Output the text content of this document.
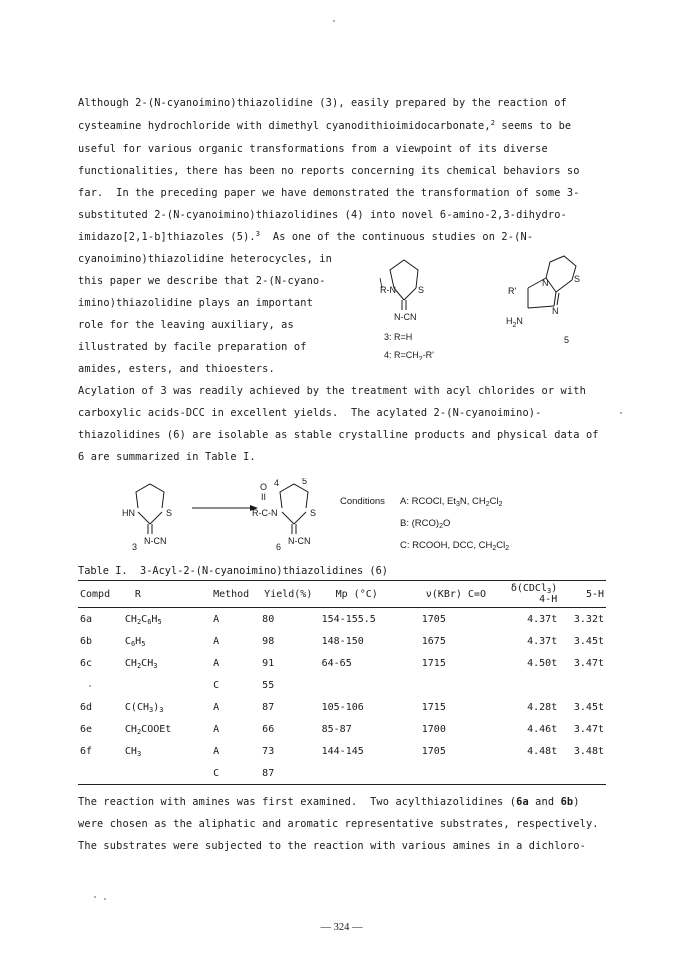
Although 2-(N-cyanoimino)thiazolidine (3), easily prepared by the reaction of
cysteamine hydrochloride with dimethyl cyanodithioimidocarbonate,$^2$ seems to be
useful for various organic transformations from a viewpoint of its diverse
functionalities, there has been no reports concerning its chemical behaviors so
far.  In the preceding paper we have demonstrated the transformation of some 3-
substituted 2-(N-cyanoimino)thiazolidines (4) into novel 6-amino-2,3-dihydro-
imidazo[2,1-b]thiazoles (5).$^3$  As one of the continuous studies on 2-(N-
cyanoimino)thiazolidine heterocycles, in
this paper we describe that 2-(N-cyano-
imino)thiazolidine plays an important
role for the leaving auxiliary, as
illustrated by facile preparation of
amides, esters, and thioesters.
R-N S
N-CN
3: R=H
4: $R=CH_2-R'$
R'
N	S
N
$H_2N$
5
Acylation of 3 was readily achieved by the treatment with acyl chlorides or with
carboxylic acids-DCC in excellent yields.  The acylated 2-(N-cyanoimino)-
thiazolidines (6) are isolable as stable crystalline products and physical data of
6 are summarized in Table I.
HN	S
N-CN
3
O
II
R-C-N
4	5
S
N-CN
6
Conditions A: RCOCl, $Et_3N$, $CH_2Cl_2$
B: $(RCO)_2O$
C: RCOOH, DCC, $CH_2Cl_2$
Table I.  3-Acyl-2-(N-cyanoimino)thiazolidines (6)
Compd	R	Method	Yield(%)	Mp (°C)	ν(KBr) C=O	δ(CDCl$_3$) 4-H	5-H
6a	$CH_2C_6H_5$	A	80	154-155.5	1705	4.37t	3.32t
6b	$C_6H_5$	A	98	148-150	1675	4.37t	3.45t
6c	$CH_2CH_3$	A	91	64-65	1715	4.50t	3.47t
		C	55				
6d	$C(CH_3)_3$	A	87	105-106	1715	4.28t	3.45t
6e	$CH_2COOEt$	A	66	85-87	1700	4.46t	3.47t
6f	$CH_3$	A	73	144-145	1705	4.48t	3.48t
		C	87				
The reaction with amines was first examined.  Two acylthiazolidines (6a and 6b)
were chosen as the aliphatic and aromatic representative substrates, respectively.
The substrates were subjected to the reaction with various amines in a dichloro-
— 324 —
